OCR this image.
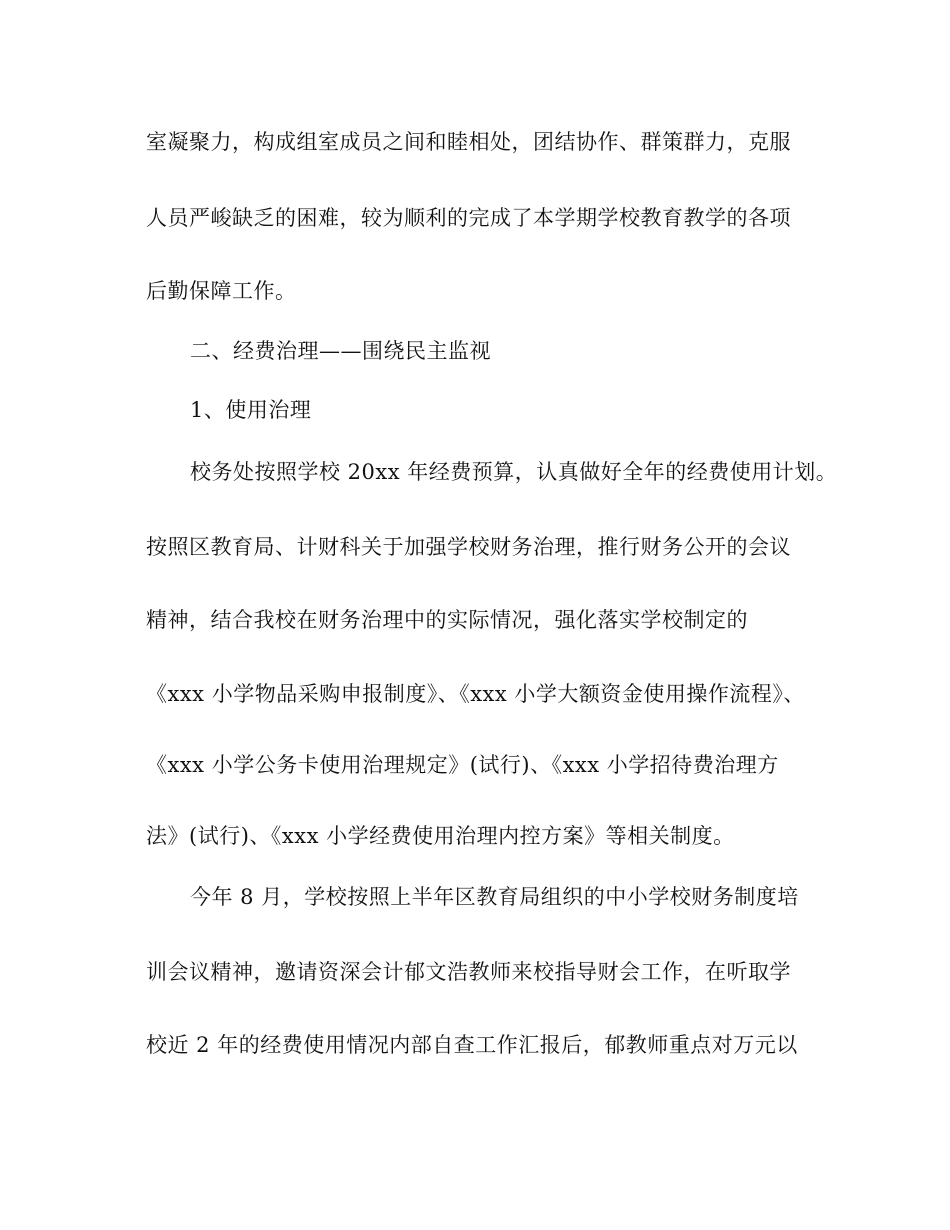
室凝聚力，构成组室成员之间和睦相处，团结协作、群策群力，克服
人员严峻缺乏的困难，较为顺利的完成了本学期学校教育教学的各项
后勤保障工作。
二、经费治理——围绕民主监视
1、使用治理
校务处按照学校 20xx 年经费预算，认真做好全年的经费使用计划。
按照区教育局、计财科关于加强学校财务治理，推行财务公开的会议
精神，结合我校在财务治理中的实际情况，强化落实学校制定的
《xxx 小学物品采购申报制度》、《xxx 小学大额资金使用操作流程》、
《xxx 小学公务卡使用治理规定》(试行)、《xxx 小学招待费治理方
法》(试行)、《xxx 小学经费使用治理内控方案》等相关制度。
今年 8 月，学校按照上半年区教育局组织的中小学校财务制度培
训会议精神，邀请资深会计郁文浩教师来校指导财会工作，在听取学
校近 2 年的经费使用情况内部自查工作汇报后，郁教师重点对万元以
